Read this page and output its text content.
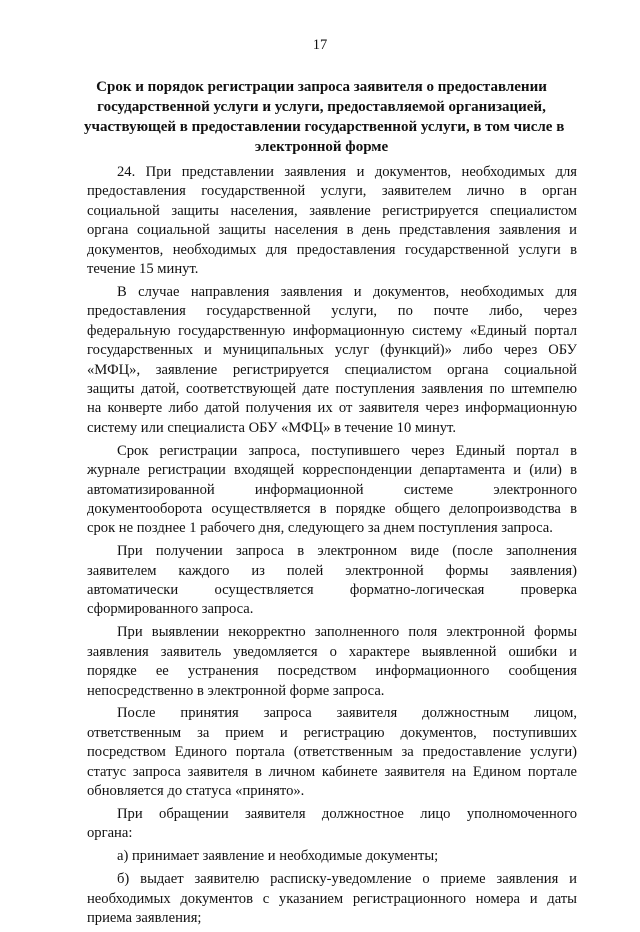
17
Срок и порядок регистрации запроса заявителя о предоставлении
государственной услуги и услуги, предоставляемой организацией,
участвующей в предоставлении государственной услуги, в том числе в
электронной форме
24. При представлении заявления и документов, необходимых для
предоставления государственной услуги, заявителем лично в орган
социальной защиты населения, заявление регистрируется специалистом
органа социальной защиты населения в день представления заявления и
документов, необходимых для предоставления государственной услуги в
течение 15 минут.
В случае направления заявления и документов, необходимых для
предоставления государственной услуги, по почте либо, через
федеральную государственную информационную систему «Единый портал
государственных и муниципальных услуг (функций)» либо через ОБУ
«МФЦ», заявление регистрируется специалистом органа социальной
защиты датой, соответствующей дате поступления заявления по штемпелю
на конверте либо датой получения их от заявителя через информационную
систему или специалиста ОБУ «МФЦ» в течение 10 минут.
Срок регистрации запроса, поступившего через Единый портал в
журнале регистрации входящей корреспонденции департамента и (или) в
автоматизированной информационной системе электронного
документооборота осуществляется в порядке общего делопроизводства в
срок не позднее 1 рабочего дня, следующего за днем поступления запроса.
При получении запроса в электронном виде (после заполнения
заявителем каждого из полей электронной формы заявления)
автоматически осуществляется форматно-логическая проверка
сформированного запроса.
При выявлении некорректно заполненного поля электронной формы
заявления заявитель уведомляется о характере выявленной ошибки и
порядке ее устранения посредством информационного сообщения
непосредственно в электронной форме запроса.
После принятия запроса заявителя должностным лицом,
ответственным за прием и регистрацию документов, поступивших
посредством Единого портала (ответственным за предоставление услуги)
статус запроса заявителя в личном кабинете заявителя на Едином портале
обновляется до статуса «принято».
При обращении заявителя должностное лицо уполномоченного
органа:
а) принимает заявление и необходимые документы;
б) выдает заявителю расписку-уведомление о приеме заявления и
необходимых документов с указанием регистрационного номера и даты
приема заявления;
